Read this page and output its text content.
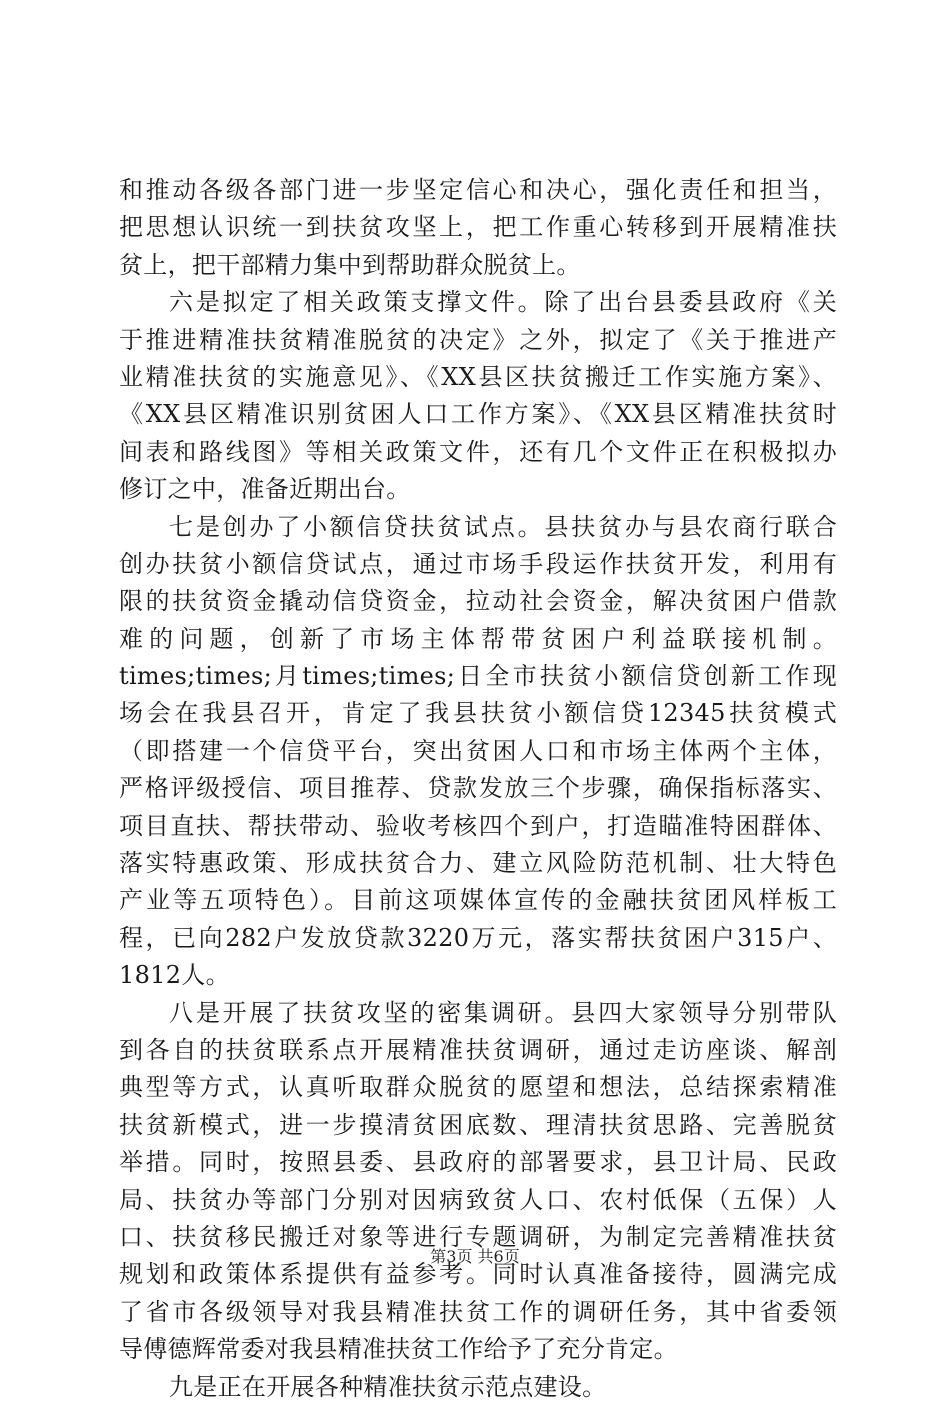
和推动各级各部门进一步坚定信心和决心，强化责任和担当，
把思想认识统一到扶贫攻坚上，把工作重心转移到开展精准扶
贫上，把干部精力集中到帮助群众脱贫上。
六是拟定了相关政策支撑文件。除了出台县委县政府《关
于推进精准扶贫精准脱贫的决定》之外，拟定了《关于推进产
业精准扶贫的实施意见》、《XX县区扶贫搬迁工作实施方案》、
《XX县区精准识别贫困人口工作方案》、《XX县区精准扶贫时
间表和路线图》等相关政策文件，还有几个文件正在积极拟办
修订之中，准备近期出台。
七是创办了小额信贷扶贫试点。县扶贫办与县农商行联合
创办扶贫小额信贷试点，通过市场手段运作扶贫开发，利用有
限的扶贫资金撬动信贷资金，拉动社会资金，解决贫困户借款
难的问题，创新了市场主体帮带贫困户利益联接机制。
times;times;月times;times;日全市扶贫小额信贷创新工作现
场会在我县召开，肯定了我县扶贫小额信贷12345扶贫模式
（即搭建一个信贷平台，突出贫困人口和市场主体两个主体，
严格评级授信、项目推荐、贷款发放三个步骤，确保指标落实、
项目直扶、帮扶带动、验收考核四个到户，打造瞄准特困群体、
落实特惠政策、形成扶贫合力、建立风险防范机制、壮大特色
产业等五项特色）。目前这项媒体宣传的金融扶贫团风样板工
程，已向282户发放贷款3220万元，落实帮扶贫困户315户、
1812人。
八是开展了扶贫攻坚的密集调研。县四大家领导分别带队
到各自的扶贫联系点开展精准扶贫调研，通过走访座谈、解剖
典型等方式，认真听取群众脱贫的愿望和想法，总结探索精准
扶贫新模式，进一步摸清贫困底数、理清扶贫思路、完善脱贫
举措。同时，按照县委、县政府的部署要求，县卫计局、民政
局、扶贫办等部门分别对因病致贫人口、农村低保（五保）人
口、扶贫移民搬迁对象等进行专题调研，为制定完善精准扶贫
规划和政策体系提供有益参考。同时认真准备接待，圆满完成
了省市各级领导对我县精准扶贫工作的调研任务，其中省委领
导傅德辉常委对我县精准扶贫工作给予了充分肯定。
九是正在开展各种精准扶贫示范点建设。
第3页 共6页
